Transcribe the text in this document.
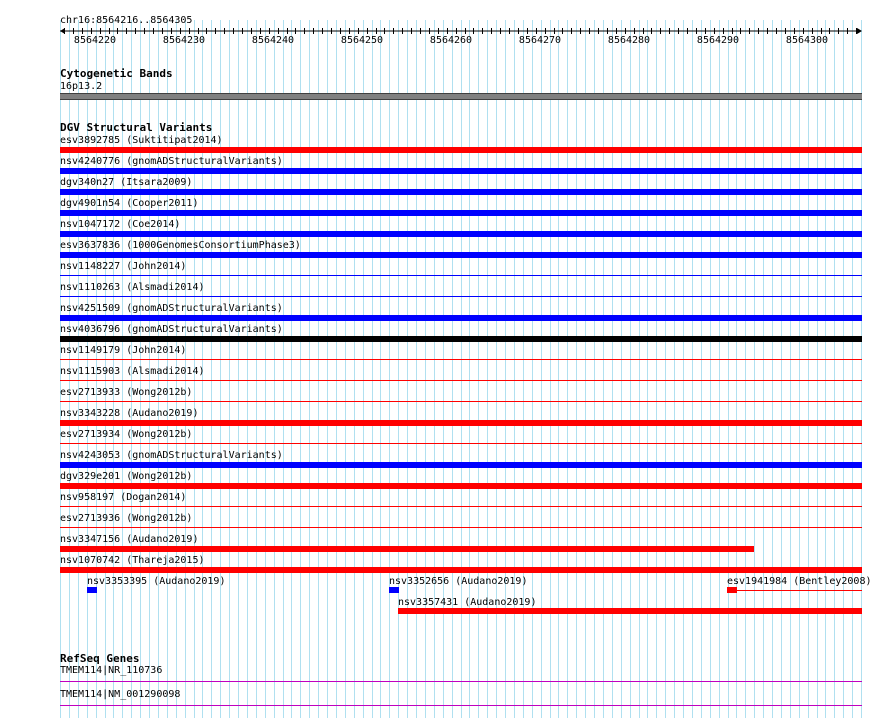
chr16:8564216..8564305
8564220	8564230	8564240	8564250	8564260	8564270	8564280	8564290	8564300
Cytogenetic Bands
16p13.2
DGV Structural Variants
esv3892785 (Suktitipat2014)
nsv4240776 (gnomADStructuralVariants)
dgv340n27 (Itsara2009)
dgv4901n54 (Cooper2011)
nsv1047172 (Coe2014)
esv3637836 (1000GenomesConsortiumPhase3)
nsv1148227 (John2014)
nsv1110263 (Alsmadi2014)
nsv4251509 (gnomADStructuralVariants)
nsv4036796 (gnomADStructuralVariants)
nsv1149179 (John2014)
nsv1115903 (Alsmadi2014)
esv2713933 (Wong2012b)
nsv3343228 (Audano2019)
esv2713934 (Wong2012b)
nsv4243053 (gnomADStructuralVariants)
dgv329e201 (Wong2012b)
nsv958197 (Dogan2014)
esv2713936 (Wong2012b)
nsv3347156 (Audano2019)
nsv1070742 (Thareja2015)
nsv3353395 (Audano2019)	nsv3352656 (Audano2019)	esv1941984 (Bentley2008)
nsv3357431 (Audano2019)
RefSeq Genes
TMEM114|NR_110736
TMEM114|NM_001290098
